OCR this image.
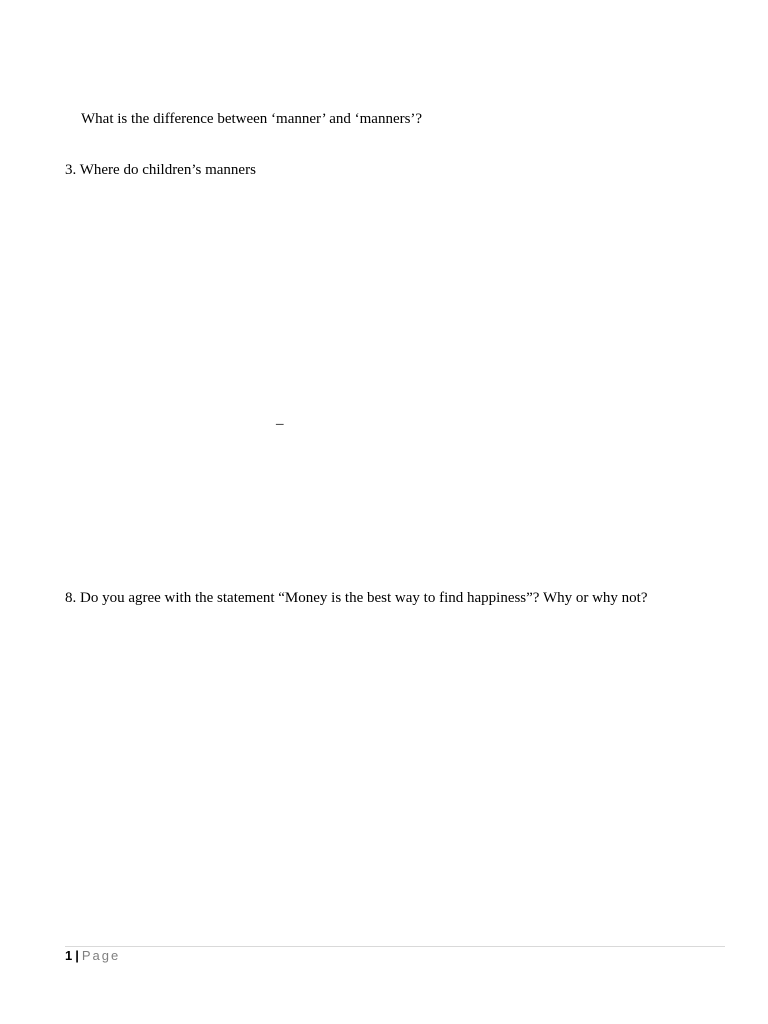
What is the difference between ‘manner’ and ‘manners’?
3. Where do children’s manners
_
8. Do you agree with the statement “Money is the best way to find happiness”? Why or why not?
1 | Page
